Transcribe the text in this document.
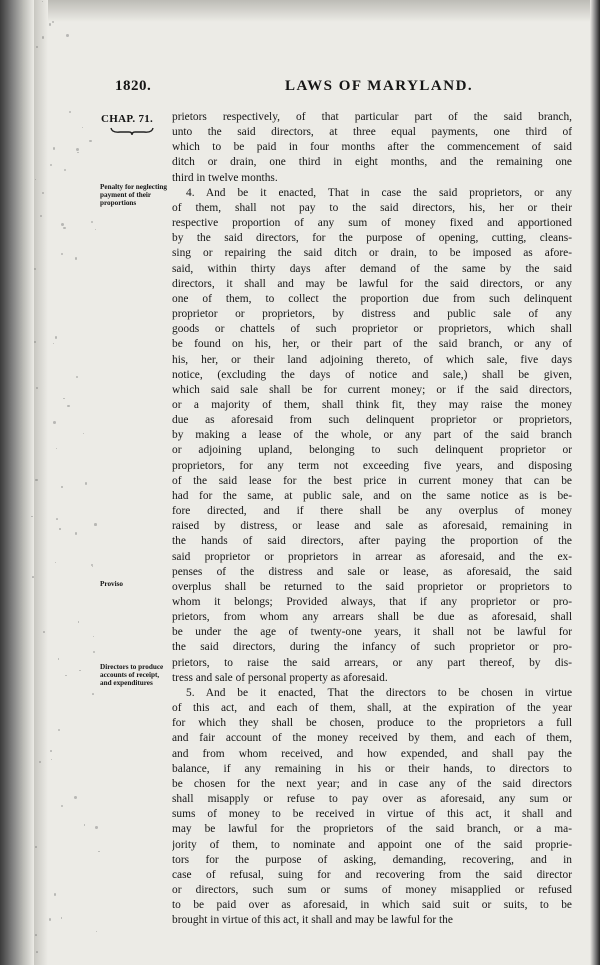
1820.	LAWS OF MARYLAND.
CHAP. 71.
Penalty for neglecting payment of their proportions
Proviso
Directors to produce accounts of receipt, and expenditures
prietors respectively, of that particular part of the said branch,
unto the said directors, at three equal payments, one third of
which to be paid in four months after the commencement of said
ditch or drain, one third in eight months, and the remaining one
third in twelve months.
4. And be it enacted, That in case the said proprietors, or any
of them, shall not pay to the said directors, his, her or their
respective proportion of any sum of money fixed and apportioned
by the said directors, for the purpose of opening, cutting, cleans-
sing or repairing the said ditch or drain, to be imposed as afore-
said, within thirty days after demand of the same by the said
directors, it shall and may be lawful for the said directors, or any
one of them, to collect the proportion due from such delinquent
proprietor or proprietors, by distress and public sale of any
goods or chattels of such proprietor or proprietors, which shall
be found on his, her, or their part of the said branch, or any of
his, her, or their land adjoining thereto, of which sale, five days
notice, (excluding the days of notice and sale,) shall be given,
which said sale shall be for current money; or if the said directors,
or a majority of them, shall think fit, they may raise the money
due as aforesaid from such delinquent proprietor or proprietors,
by making a lease of the whole, or any part of the said branch
or adjoining upland, belonging to such delinquent proprietor or
proprietors, for any term not exceeding five years, and disposing
of the said lease for the best price in current money that can be
had for the same, at public sale, and on the same notice as is be-
fore directed, and if there shall be any overplus of money
raised by distress, or lease and sale as aforesaid, remaining in
the hands of said directors, after paying the proportion of the
said proprietor or proprietors in arrear as aforesaid, and the ex-
penses of the distress and sale or lease, as aforesaid, the said
overplus shall be returned to the said proprietor or proprietors to
whom it belongs; Provided always, that if any proprietor or pro-
prietors, from whom any arrears shall be due as aforesaid, shall
be under the age of twenty-one years, it shall not be lawful for
the said directors, during the infancy of such proprietor or pro-
prietors, to raise the said arrears, or any part thereof, by dis-
tress and sale of personal property as aforesaid.
5. And be it enacted, That the directors to be chosen in virtue
of this act, and each of them, shall, at the expiration of the year
for which they shall be chosen, produce to the proprietors a full
and fair account of the money received by them, and each of them,
and from whom received, and how expended, and shall pay the
balance, if any remaining in his or their hands, to directors to
be chosen for the next year; and in case any of the said directors
shall misapply or refuse to pay over as aforesaid, any sum or
sums of money to be received in virtue of this act, it shall and
may be lawful for the proprietors of the said branch, or a ma-
jority of them, to nominate and appoint one of the said proprie-
tors for the purpose of asking, demanding, recovering, and in
case of refusal, suing for and recovering from the said director
or directors, such sum or sums of money misapplied or refused
to be paid over as aforesaid, in which said suit or suits, to be
brought in virtue of this act, it shall and may be lawful for the
